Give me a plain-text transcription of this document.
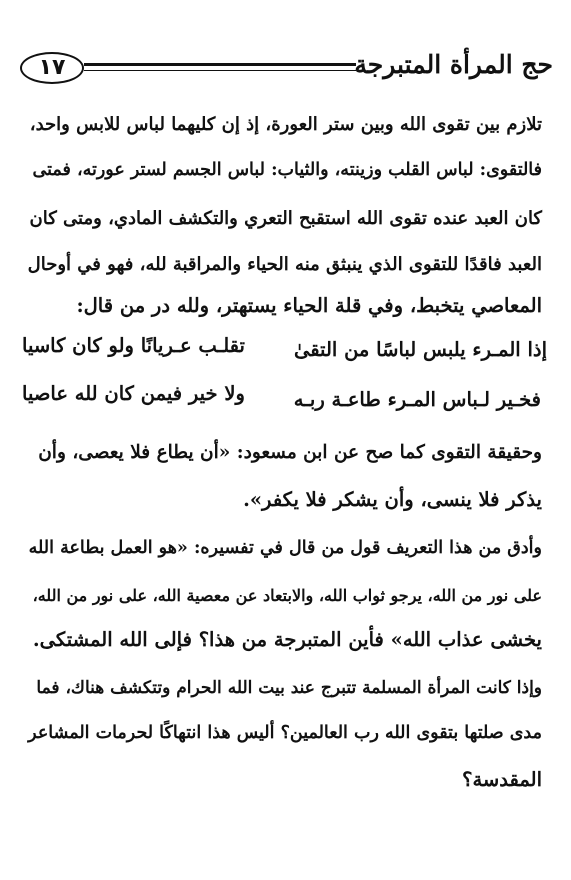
١٧	حج المرأة المتبرجة
تلازم بين تقوى الله وبين ستر العورة، إذ إن كليهما لباس للابس واحد،
فالتقوى: لباس القلب وزينته، والثياب: لباس الجسم لستر عورته، فمتى
كان العبد عنده تقوى الله استقبح التعري والتكشف المادي، ومتى كان
العبد فاقدًا للتقوى الذي ينبثق منه الحياء والمراقبة لله، فهو في أوحال
المعاصي يتخبط، وفي قلة الحياء يستهتر، ولله در من قال:
إذا المـرء يلبس لباسًا من التقىٰ
تقلـب عـريانًا ولو كان كاسيا
فخـير لـباس المـرء طاعـة ربـه
ولا خير فيمن كان لله عاصيا
وحقيقة التقوى كما صح عن ابن مسعود: «أن يطاع فلا يعصى، وأن
يذكر فلا ينسى، وأن يشكر فلا يكفر».
وأدق من هذا التعريف قول من قال في تفسيره: «هو العمل بطاعة الله
على نور من الله، يرجو ثواب الله، والابتعاد عن معصية الله، على نور من الله،
يخشى عذاب الله» فأين المتبرجة من هذا؟ فإلى الله المشتكى.
وإذا كانت المرأة المسلمة تتبرج عند بيت الله الحرام وتتكشف هناك، فما
مدى صلتها بتقوى الله رب العالمين؟ أليس هذا انتهاكًا لحرمات المشاعر
المقدسة؟
